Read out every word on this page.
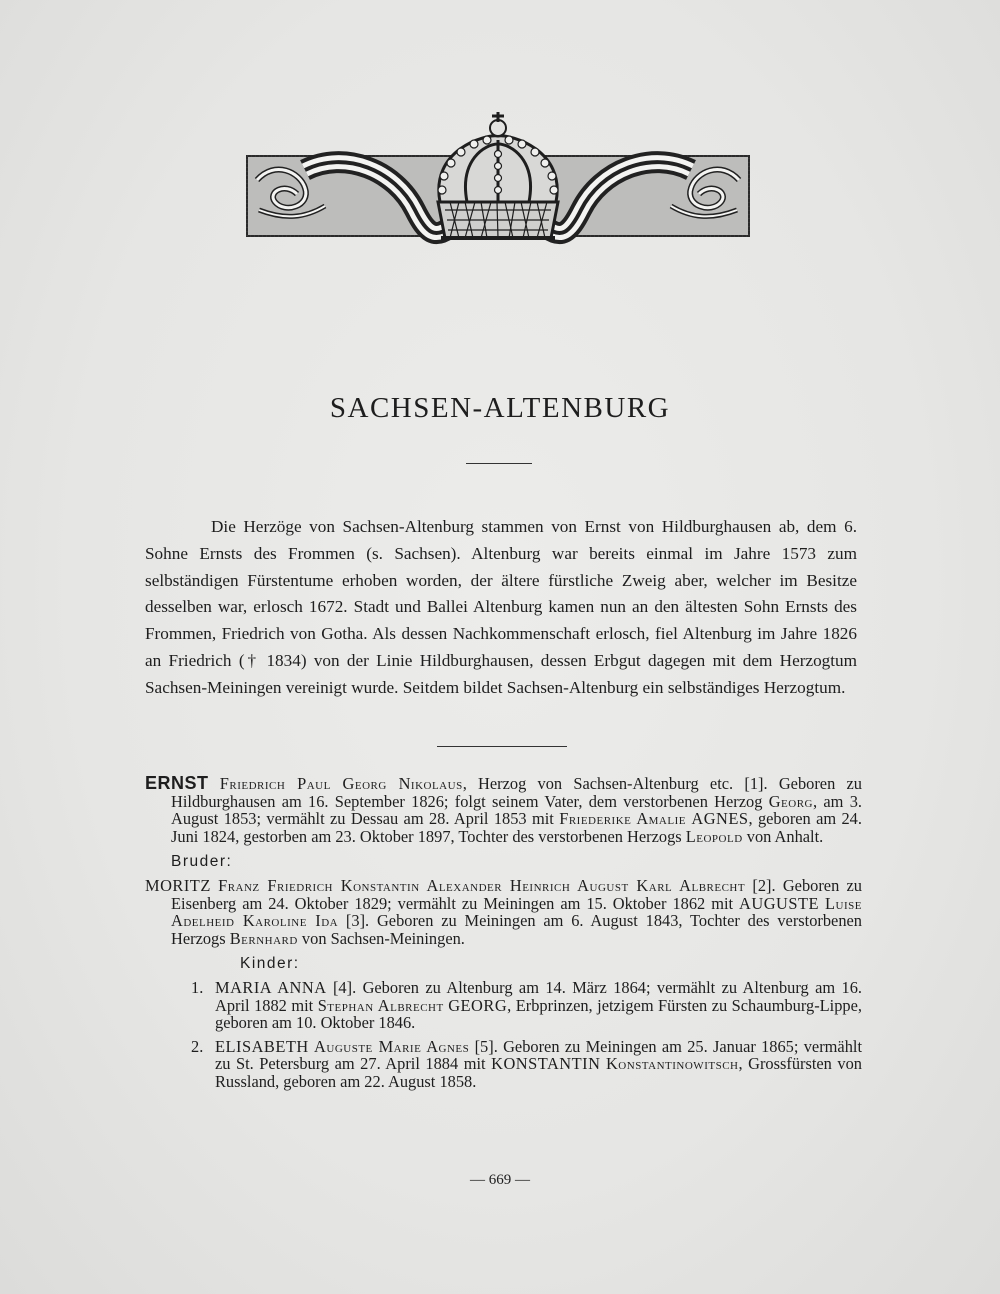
SACHSEN-ALTENBURG

Die Herzöge von Sachsen-Altenburg stammen von Ernst von Hildburghausen ab, dem 6. Sohne Ernsts des Frommen (s. Sachsen). Altenburg war bereits einmal im Jahre 1573 zum selbständigen Fürstentume erhoben worden, der ältere fürstliche Zweig aber, welcher im Besitze desselben war, erlosch 1672. Stadt und Ballei Altenburg kamen nun an den ältesten Sohn Ernsts des Frommen, Friedrich von Gotha. Als dessen Nachkommenschaft erlosch, fiel Altenburg im Jahre 1826 an Friedrich († 1834) von der Linie Hildburghausen, dessen Erbgut dagegen mit dem Herzogtum Sachsen-Meiningen vereinigt wurde. Seitdem bildet Sachsen-Altenburg ein selbständiges Herzogtum.

ERNST Friedrich Paul Georg Nikolaus, Herzog von Sachsen-Altenburg etc. [1]. Geboren zu Hildburghausen am 16. September 1826; folgt seinem Vater, dem verstorbenen Herzog Georg, am 3. August 1853; vermählt zu Dessau am 28. April 1853 mit Friederike Amalie AGNES, geboren am 24. Juni 1824, gestorben am 23. Oktober 1897, Tochter des verstorbenen Herzogs Leopold von Anhalt.

Bruder:

MORITZ Franz Friedrich Konstantin Alexander Heinrich August Karl Albrecht [2]. Geboren zu Eisenberg am 24. Oktober 1829; vermählt zu Meiningen am 15. Oktober 1862 mit AUGUSTE Luise Adelheid Karoline Ida [3]. Geboren zu Meiningen am 6. August 1843, Tochter des verstorbenen Herzogs Bernhard von Sachsen-Meiningen.

Kinder:

1. MARIA ANNA [4]. Geboren zu Altenburg am 14. März 1864; vermählt zu Altenburg am 16. April 1882 mit Stephan Albrecht GEORG, Erbprinzen, jetzigem Fürsten zu Schaumburg-Lippe, geboren am 10. Oktober 1846.

2. ELISABETH Auguste Marie Agnes [5]. Geboren zu Meiningen am 25. Januar 1865; vermählt zu St. Petersburg am 27. April 1884 mit KONSTANTIN Konstantinowitsch, Grossfürsten von Russland, geboren am 22. August 1858.

— 669 —
